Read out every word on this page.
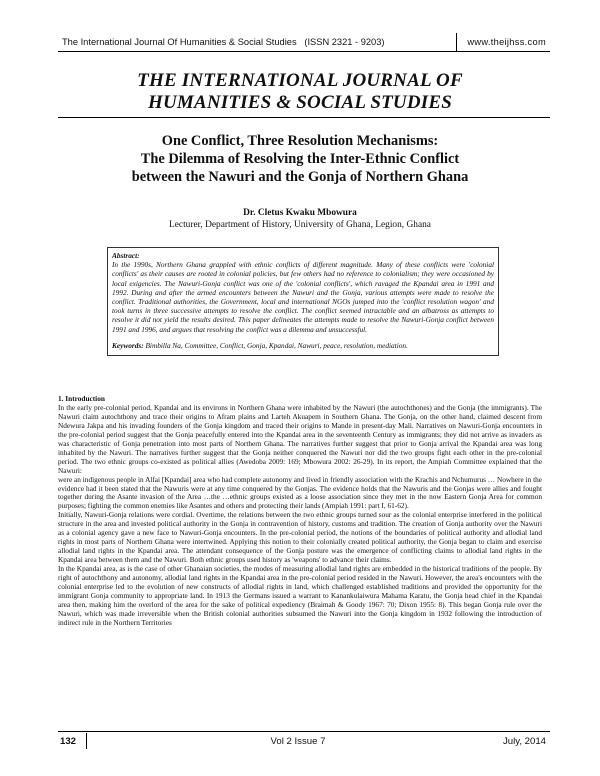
The International Journal Of Humanities & Social Studies (ISSN 2321 - 9203)	www.theijhss.com
THE INTERNATIONAL JOURNAL OF
HUMANITIES & SOCIAL STUDIES
One Conflict, Three Resolution Mechanisms:
The Dilemma of Resolving the Inter-Ethnic Conflict
between the Nawuri and the Gonja of Northern Ghana
Dr. Cletus Kwaku Mbowura
Lecturer, Department of History, University of Ghana, Legion, Ghana
Abstract:
In the 1990s, Northern Ghana grappled with ethnic conflicts of different magnitude. Many of these conflicts were 'colonial conflicts' as their causes are rooted in colonial policies, but few others had no reference to colonialism; they were occasioned by local exigencies. The Nawuri-Gonja conflict was one of the 'colonial conflicts', which ravaged the Kpandai area in 1991 and 1992. During and after the armed encounters between the Nawuri and the Gonja, various attempts were made to resolve the conflict. Traditional authorities, the Government, local and international NGOs jumped into the 'conflict resolution wagon' and took turns in three successive attempts to resolve the conflict. The conflict seemed intractable and an albatross as attempts to resolve it did not yield the results desired. This paper delineates the attempts made to resolve the Nawuri-Gonja conflict between 1991 and 1996, and argues that resolving the conflict was a dilemma and unsuccessful.
Keywords: Bimbilla Na, Committee, Conflict, Gonja, Kpandai, Nawuri, peace, resolution, mediation.

1. Introduction

In the early pre-colonial period, Kpandai and its environs in Northern Ghana were inhabited by the Nawuri (the autochthones) and the Gonja (the immigrants). The Nawuri claim autochthony and trace their origins to Afram plains and Larteh Akuapem in Southern Ghana. The Gonja, on the other hand, claimed descent from Ndewura Jakpa and his invading founders of the Gonja kingdom and traced their origins to Mande in present-day Mali. Narratives on Nawuri-Gonja encounters in the pre-colonial period suggest that the Gonja peacefully entered into the Kpandai area in the seventeenth Century as immigrants; they did not arrive as invaders as was characteristic of Gonja penetration into most parts of Northern Ghana. The narratives further suggest that prior to Gonja arrival the Kpandai area was long inhabited by the Nawuri. The narratives further suggest that the Gonja neither conquered the Nawuri nor did the two groups fight each other in the pre-colonial period. The two ethnic groups co-existed as political allies (Awedoba 2009: 169; Mbowura 2002: 26-29). In its report, the Ampiah Committee explained that the Nawuri:

were an indigenous people in Alfai [Kpandai] area who had complete autonomy and lived in friendly association with the Krachis and Nchumurus … Nowhere in the evidence had it been stated that the Nawuris were at any time conquered by the Gonjas. The evidence holds that the Nawuris and the Gonjas were allies and fought together during the Asante invasion of the Area …the …ethnic groups existed as a loose association since they met in the now Eastern Gonja Area for common purposes; fighting the common enemies like Asantes and others and protecting their lands (Ampiah 1991: part I, 61-62).

Initially, Nawuri-Gonja relations were cordial. Overtime, the relations between the two ethnic groups turned sour as the colonial enterprise interfered in the political structure in the area and invested political authority in the Gonja in contravention of history, customs and tradition. The creation of Gonja authority over the Nawuri as a colonial agency gave a new face to Nawuri-Gonja encounters. In the pre-colonial period, the notions of the boundaries of political authority and allodial land rights in most parts of Northern Ghana were intertwined. Applying this notion to their colonially created political authority, the Gonja began to claim and exercise allodial land rights in the Kpandai area. The attendant consequence of the Gonja posture was the emergence of conflicting claims to allodial land rights in the Kpandai area between them and the Nawuri. Both ethnic groups used history as 'weapons' to advance their claims.

In the Kpandai area, as is the case of other Ghanaian societies, the modes of measuring allodial land rights are embedded in the historical traditions of the people. By right of autochthony and autonomy, allodial land rights in the Kpandai area in the pre-colonial period resided in the Nawuri. However, the area's encounters with the colonial enterprise led to the evolution of new constructs of allodial rights in land, which challenged established traditions and provided the opportunity for the immigrant Gonja community to appropriate land. In 1913 the Germans issued a warrant to Kanankulaiwura Mahama Karatu, the Gonja head chief in the Kpandai area then, making him the overlord of the area for the sake of political expediency (Braimah & Goody 1967: 70; Dixon 1955: 8). This began Gonja rule over the Nawuri, which was made irreversible when the British colonial authorities subsumed the Nawuri into the Gonja kingdom in 1932 following the introduction of indirect rule in the Northern Territories

132	Vol 2 Issue 7	July, 2014
